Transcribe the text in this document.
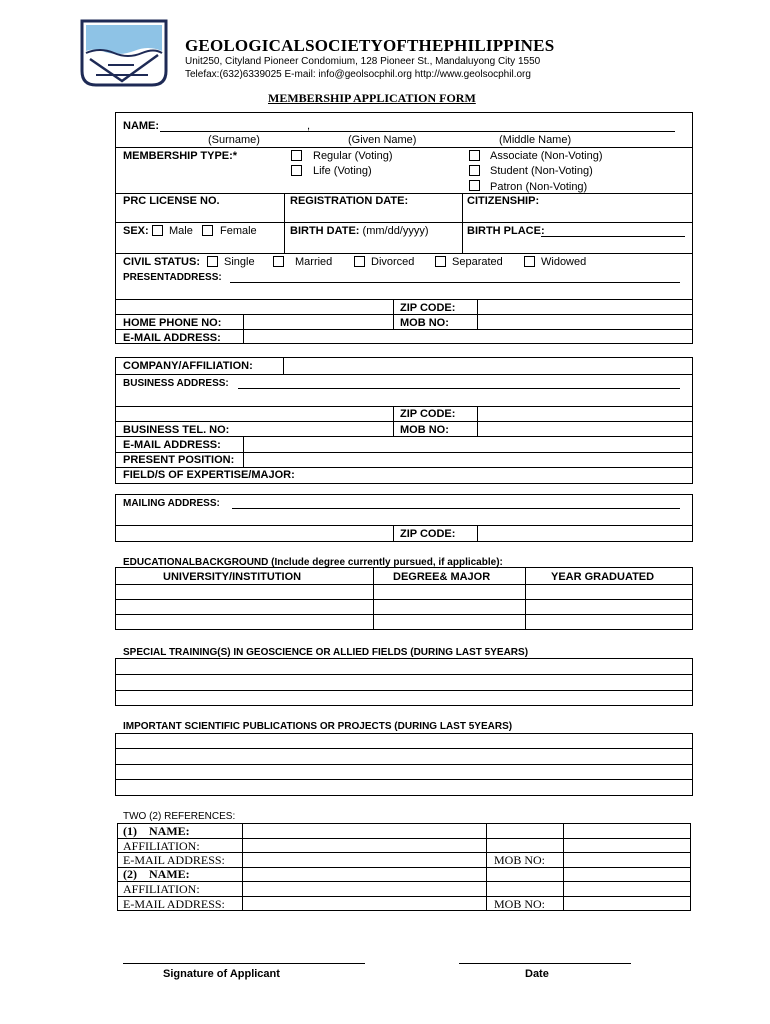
GEOLOGICALSOCIETYOFTHEPHILIPPINES
Unit250, Cityland Pioneer Condomium, 128 Pioneer St., Mandaluyong City 1550
Telefax:(632)6339025 E-mail: info@geolsocphil.org http://www.geolsocphil.org
MEMBERSHIP APPLICATION FORM
NAME:	,
(Surname)	(Given Name)	(Middle Name)
MEMBERSHIP TYPE:*	Regular (Voting)
Life (Voting)
Associate (Non-Voting)
Student (Non-Voting)
Patron (Non-Voting)
PRC LICENSE NO.	REGISTRATION DATE:	CITIZENSHIP:
SEX: Male Female	BIRTH DATE: (mm/dd/yyyy)	BIRTH PLACE:
CIVIL STATUS: Single	Married	Divorced	Separated	Widowed
PRESENTADDRESS:
ZIP CODE:
HOME PHONE NO:	MOB NO:
E-MAIL ADDRESS:
COMPANY/AFFILIATION:
BUSINESS ADDRESS:
ZIP CODE:
BUSINESS TEL. NO:	MOB NO:
E-MAIL ADDRESS:
PRESENT POSITION:
FIELD/S OF EXPERTISE/MAJOR:
MAILING ADDRESS:
ZIP CODE:
EDUCATIONALBACKGROUND (Include degree currently pursued, if applicable):
UNIVERSITY/INSTITUTION	DEGREE& MAJOR	YEAR GRADUATED
SPECIAL TRAINING(S) IN GEOSCIENCE OR ALLIED FIELDS (DURING LAST 5YEARS)
IMPORTANT SCIENTIFIC PUBLICATIONS OR PROJECTS (DURING LAST 5YEARS)
TWO (2) REFERENCES:
(1)    NAME:
AFFILIATION:
E-MAIL ADDRESS:	MOB NO:
(2)    NAME:
AFFILIATION:
E-MAIL ADDRESS:	MOB NO:
Signature of Applicant	Date
